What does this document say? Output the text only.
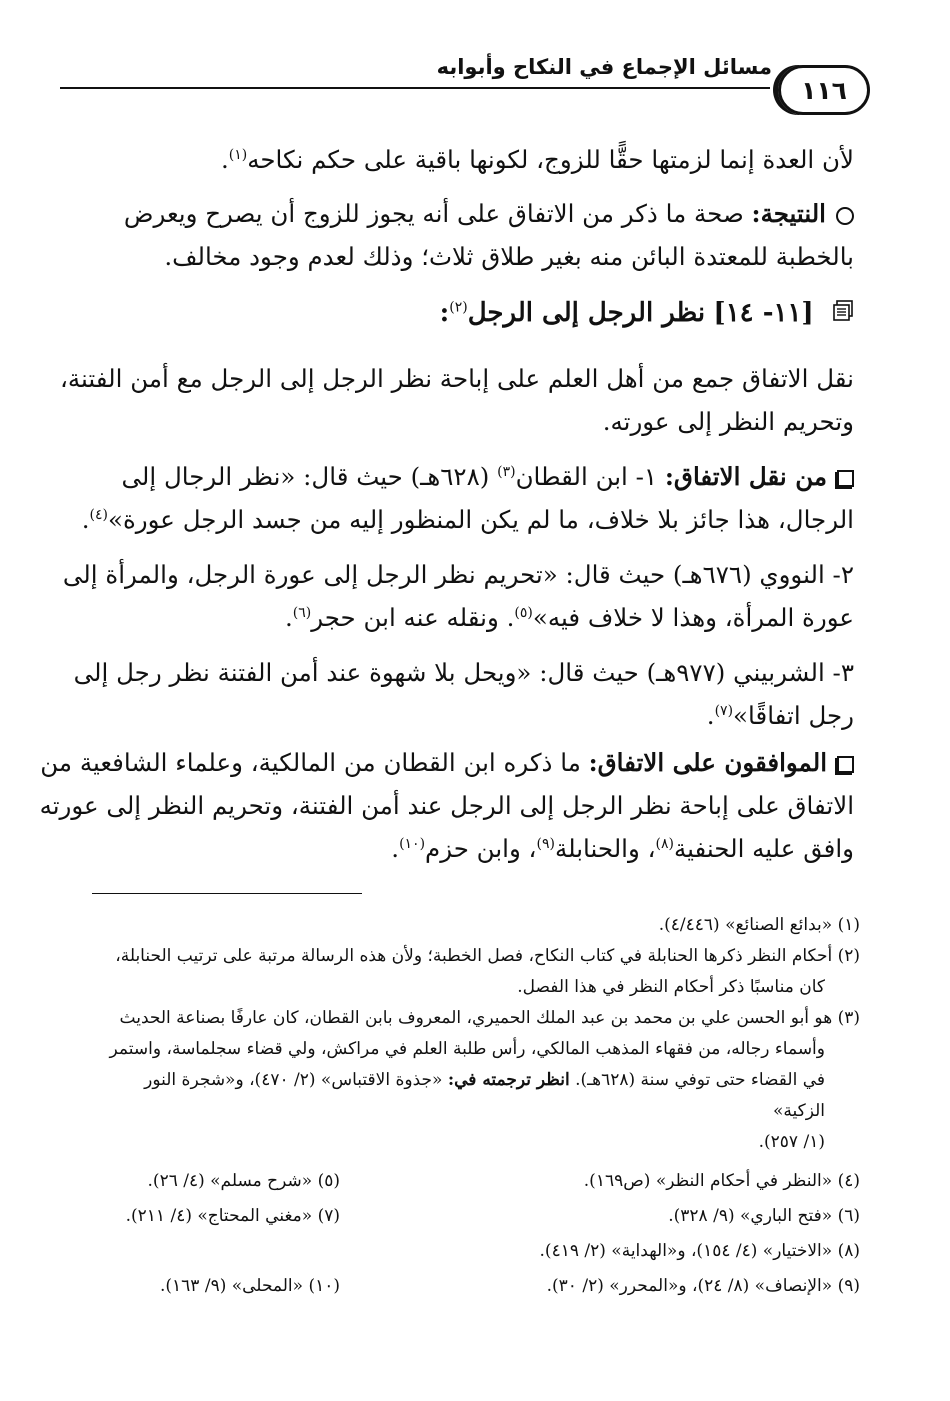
١١٦
مسائل الإجماع في النكاح وأبوابه
لأن العدة إنما لزمتها حقًّا للزوج، لكونها باقية على حكم نكاحه$^{(١)}$.
النتيجة: صحة ما ذكر من الاتفاق على أنه يجوز للزوج أن يصرح ويعرض
بالخطبة للمعتدة البائن منه بغير طلاق ثلاث؛ وذلك لعدم وجود مخالف.
[١١- ١٤] نظر الرجل إلى الرجل$^{(٢)}$:
نقل الاتفاق جمع من أهل العلم على إباحة نظر الرجل إلى الرجل مع أمن الفتنة،
وتحريم النظر إلى عورته.
من نقل الاتفاق: ١- ابن القطان$^{(٣)}$ (٦٢٨هـ) حيث قال: «نظر الرجال إلى
الرجال، هذا جائز بلا خلاف، ما لم يكن المنظور إليه من جسد الرجل عورة»$^{(٤)}$.
٢- النووي (٦٧٦هـ) حيث قال: «تحريم نظر الرجل إلى عورة الرجل، والمرأة إلى
عورة المرأة، وهذا لا خلاف فيه»$^{(٥)}$. ونقله عنه ابن حجر$^{(٦)}$.
٣- الشربيني (٩٧٧هـ) حيث قال: «ويحل بلا شهوة عند أمن الفتنة نظر رجل إلى
رجل اتفاقًا»$^{(٧)}$.
الموافقون على الاتفاق: ما ذكره ابن القطان من المالكية، وعلماء الشافعية من
الاتفاق على إباحة نظر الرجل إلى الرجل عند أمن الفتنة، وتحريم النظر إلى عورته
وافق عليه الحنفية$^{(٨)}$، والحنابلة$^{(٩)}$، وابن حزم$^{(١٠)}$.
(١) «بدائع الصنائع» (٤/٤٤٦).
(٢) أحكام النظر ذكرها الحنابلة في كتاب النكاح، فصل الخطبة؛ ولأن هذه الرسالة مرتبة على ترتيب الحنابلة،
كان مناسبًا ذكر أحكام النظر في هذا الفصل.
(٣) هو أبو الحسن علي بن محمد بن عبد الملك الحميري، المعروف بابن القطان، كان عارفًا بصناعة الحديث
وأسماء رجاله، من فقهاء المذهب المالكي، رأس طلبة العلم في مراكش، ولي قضاء سجلماسة، واستمر
في القضاء حتى توفي سنة (٦٢٨هـ). انظر ترجمته في: «جذوة الاقتباس» (٢/ ٤٧٠)، و«شجرة النور الزكية»
(١/ ٢٥٧).
(٤) «النظر في أحكام النظر» (ص١٦٩).
(٥) «شرح مسلم» (٤/ ٢٦).
(٦) «فتح الباري» (٩/ ٣٢٨).
(٧) «مغني المحتاج» (٤/ ٢١١).
(٨) «الاختيار» (٤/ ١٥٤)، و«الهداية» (٢/ ٤١٩).
(٩) «الإنصاف» (٨/ ٢٤)، و«المحرر» (٢/ ٣٠).
(١٠) «المحلى» (٩/ ١٦٣).
